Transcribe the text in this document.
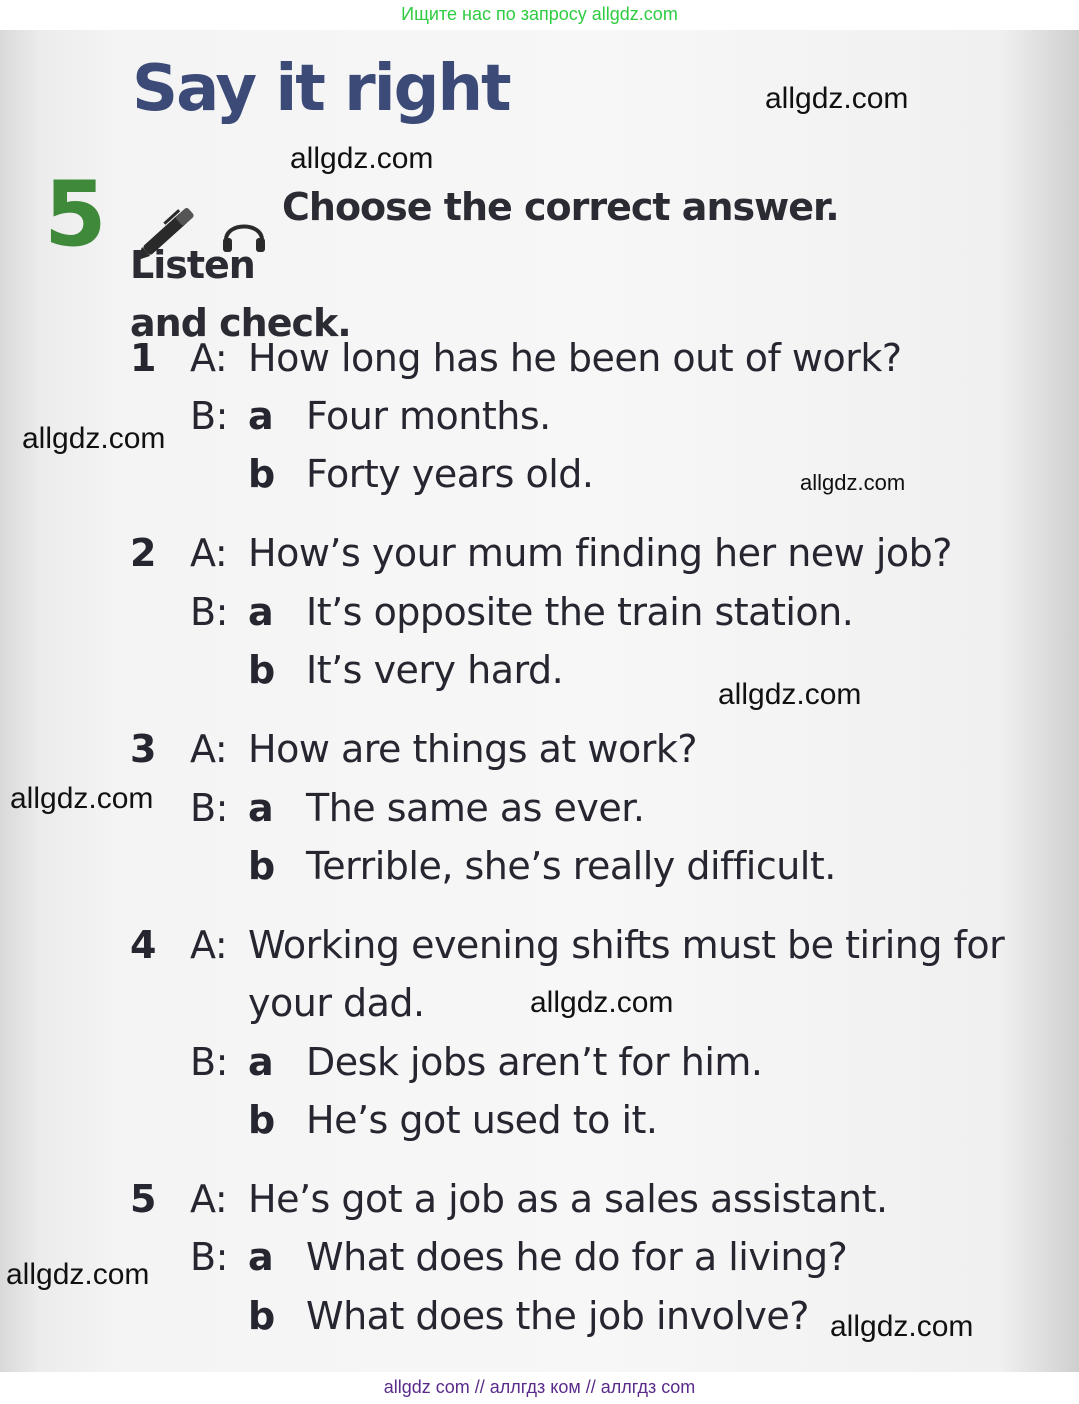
Ищите нас по запросу allgdz.com
Say it right
5	Choose the correct answer. Listen
and check.
1 A: How long has he been out of work?
B: a Four months.
b Forty years old.
2 A: How’s your mum finding her new job?
B: a It’s opposite the train station.
b It’s very hard.
3 A: How are things at work?
B: a The same as ever.
b Terrible, she’s really difficult.
4 A: Working evening shifts must be tiring for
your dad.
B: a Desk jobs aren’t for him.
b He’s got used to it.
5 A: He’s got a job as a sales assistant.
B: a What does he do for a living?
b What does the job involve?
allgdz.com
allgdz.com
allgdz.com
allgdz.com
allgdz.com
allgdz.com
allgdz.com
allgdz.com
allgdz.com
allgdz com // аллгдз ком // аллгдз com
